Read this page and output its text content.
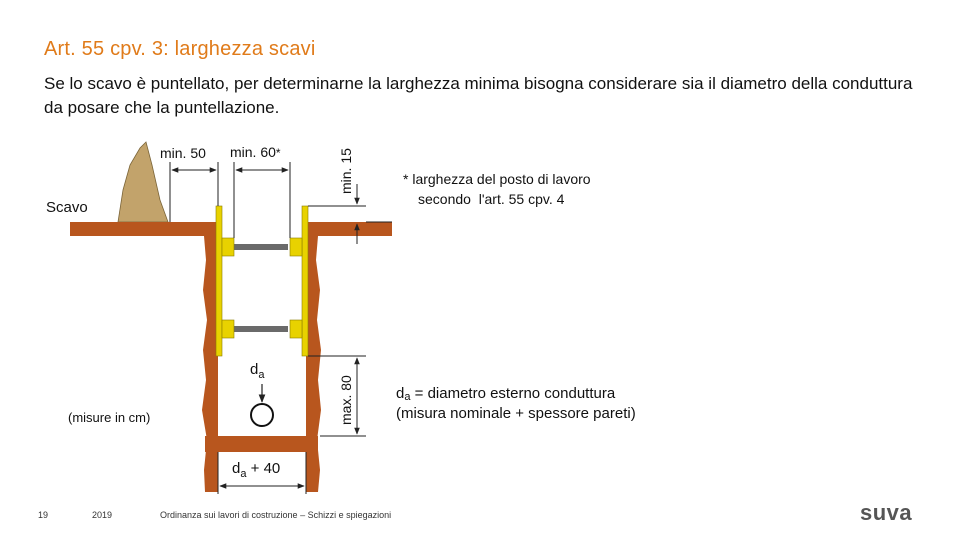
Art. 55 cpv. 3: larghezza scavi

Se lo scavo è puntellato, per determinarne la larghezza minima bisogna considerare sia il diametro della conduttura da posare che la puntellazione.

min. 50 min. 60*	min. 15
max. 80
$d_a + 40$
$d_a$
Scavo
(misure in cm)
* larghezza del posto di lavoro
secondo  l'art. 55 cpv. 4
da = diametro esterno conduttura
(misura nominale + spessore pareti)
19	2019	Ordinanza sui lavori di costruzione – Schizzi e spiegazioni	suva
